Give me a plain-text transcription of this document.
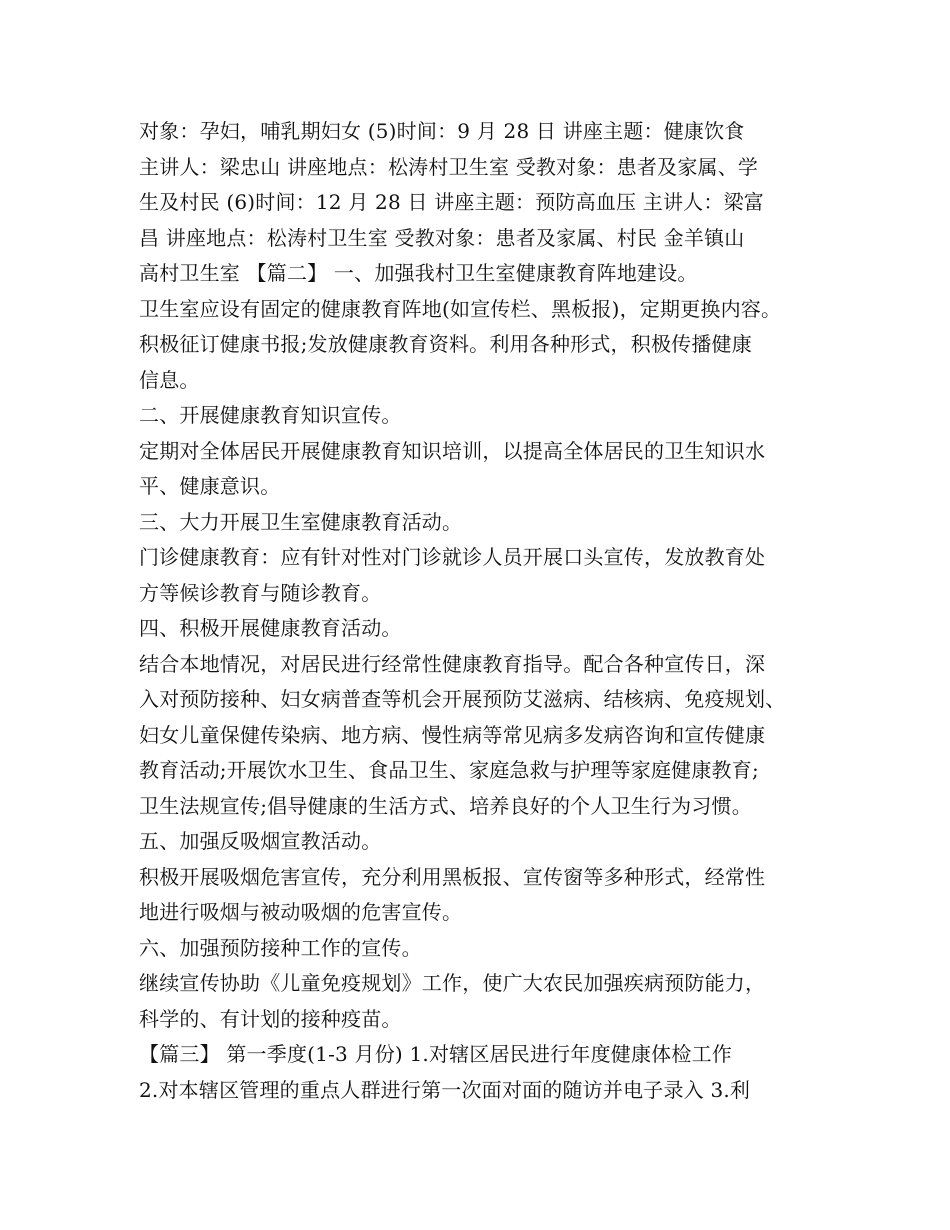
对象：孕妇，哺乳期妇女 (5)时间：9 月 28 日 讲座主题：健康饮食
主讲人：梁忠山 讲座地点：松涛村卫生室 受教对象：患者及家属、学
生及村民 (6)时间：12 月 28 日 讲座主题：预防高血压 主讲人：梁富
昌 讲座地点：松涛村卫生室 受教对象：患者及家属、村民 金羊镇山
高村卫生室 【篇二】 一、加强我村卫生室健康教育阵地建设。
卫生室应设有固定的健康教育阵地(如宣传栏、黑板报)，定期更换内容。
积极征订健康书报;发放健康教育资料。利用各种形式，积极传播健康
信息。
二、开展健康教育知识宣传。
定期对全体居民开展健康教育知识培训，以提高全体居民的卫生知识水
平、健康意识。
三、大力开展卫生室健康教育活动。
门诊健康教育：应有针对性对门诊就诊人员开展口头宣传，发放教育处
方等候诊教育与随诊教育。
四、积极开展健康教育活动。
结合本地情况，对居民进行经常性健康教育指导。配合各种宣传日，深
入对预防接种、妇女病普查等机会开展预防艾滋病、结核病、免疫规划、
妇女儿童保健传染病、地方病、慢性病等常见病多发病咨询和宣传健康
教育活动;开展饮水卫生、食品卫生、家庭急救与护理等家庭健康教育;
卫生法规宣传;倡导健康的生活方式、培养良好的个人卫生行为习惯。
五、加强反吸烟宣教活动。
积极开展吸烟危害宣传，充分利用黑板报、宣传窗等多种形式，经常性
地进行吸烟与被动吸烟的危害宣传。
六、加强预防接种工作的宣传。
继续宣传协助《儿童免疫规划》工作，使广大农民加强疾病预防能力，
科学的、有计划的接种疫苗。
【篇三】 第一季度(1-3 月份) 1.对辖区居民进行年度健康体检工作
2.对本辖区管理的重点人群进行第一次面对面的随访并电子录入 3.利
